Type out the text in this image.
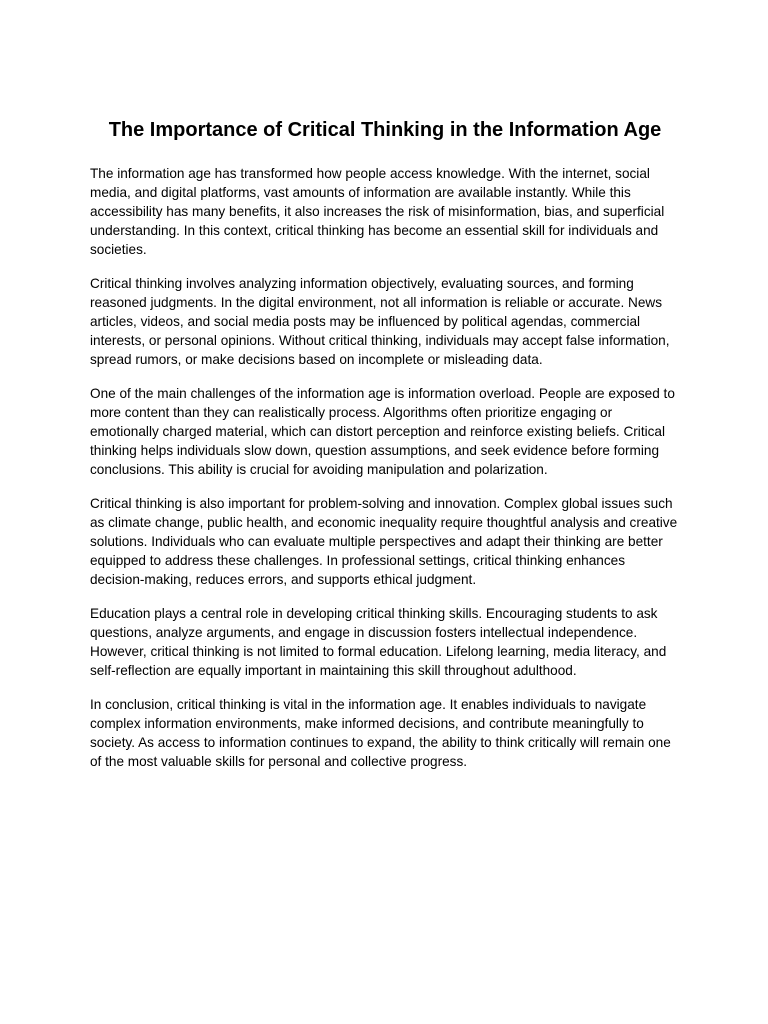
The Importance of Critical Thinking in the Information Age

The information age has transformed how people access knowledge. With the internet, social media, and digital platforms, vast amounts of information are available instantly. While this accessibility has many benefits, it also increases the risk of misinformation, bias, and superficial understanding. In this context, critical thinking has become an essential skill for individuals and societies.

Critical thinking involves analyzing information objectively, evaluating sources, and forming reasoned judgments. In the digital environment, not all information is reliable or accurate. News articles, videos, and social media posts may be influenced by political agendas, commercial interests, or personal opinions. Without critical thinking, individuals may accept false information, spread rumors, or make decisions based on incomplete or misleading data.

One of the main challenges of the information age is information overload. People are exposed to more content than they can realistically process. Algorithms often prioritize engaging or emotionally charged material, which can distort perception and reinforce existing beliefs. Critical thinking helps individuals slow down, question assumptions, and seek evidence before forming conclusions. This ability is crucial for avoiding manipulation and polarization.

Critical thinking is also important for problem-solving and innovation. Complex global issues such as climate change, public health, and economic inequality require thoughtful analysis and creative solutions. Individuals who can evaluate multiple perspectives and adapt their thinking are better equipped to address these challenges. In professional settings, critical thinking enhances decision-making, reduces errors, and supports ethical judgment.

Education plays a central role in developing critical thinking skills. Encouraging students to ask questions, analyze arguments, and engage in discussion fosters intellectual independence. However, critical thinking is not limited to formal education. Lifelong learning, media literacy, and self-reflection are equally important in maintaining this skill throughout adulthood.

In conclusion, critical thinking is vital in the information age. It enables individuals to navigate complex information environments, make informed decisions, and contribute meaningfully to society. As access to information continues to expand, the ability to think critically will remain one of the most valuable skills for personal and collective progress.
